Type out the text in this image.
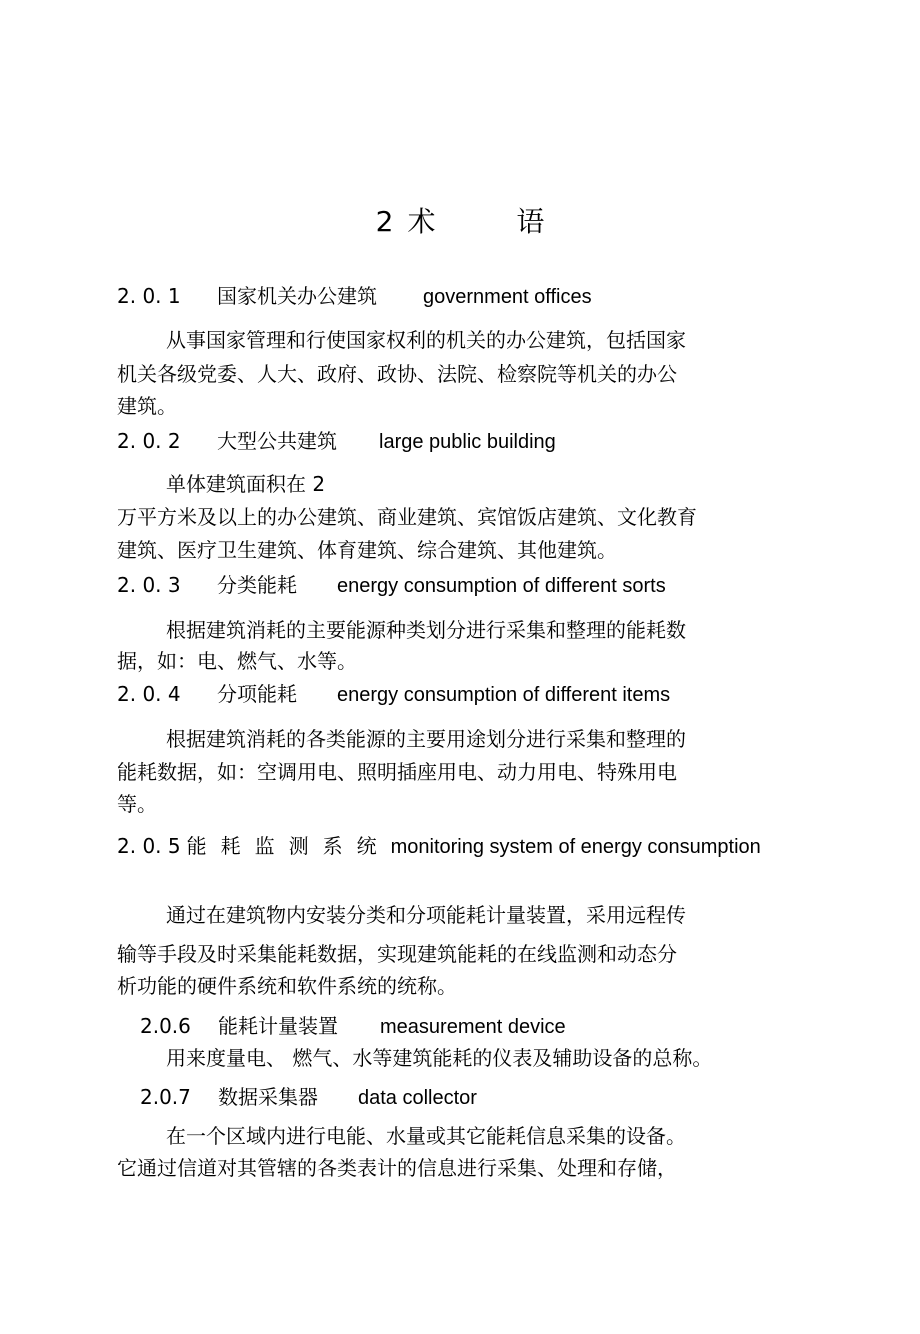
2 术 语
2. 0. 1 国家机关办公建筑 government offices
从事国家管理和行使国家权利的机关的办公建筑，包括国家
机关各级党委、人大、政府、政协、法院、检察院等机关的办公
建筑。
2. 0. 2 大型公共建筑 large public building
单体建筑面积在 2
万平方米及以上的办公建筑、商业建筑、宾馆饭店建筑、文化教育
建筑、医疗卫生建筑、体育建筑、综合建筑、其他建筑。
2. 0. 3 分类能耗 energy consumption of different sorts
根据建筑消耗的主要能源种类划分进行采集和整理的能耗数
据，如：电、燃气、水等。
2. 0. 4 分项能耗 energy consumption of different items
根据建筑消耗的各类能源的主要用途划分进行采集和整理的
能耗数据，如：空调用电、照明插座用电、动力用电、特殊用电
等。
2. 0. 5 能耗监测系统monitoring system of energy consumption
通过在建筑物内安装分类和分项能耗计量装置，采用远程传
输等手段及时采集能耗数据，实现建筑能耗的在线监测和动态分
析功能的硬件系统和软件系统的统称。
2.0.6 能耗计量装置 measurement device
用来度量电、 燃气、水等建筑能耗的仪表及辅助设备的总称。
2.0.7 数据采集器 data collector
在一个区域内进行电能、水量或其它能耗信息采集的设备。
它通过信道对其管辖的各类表计的信息进行采集、处理和存储，
